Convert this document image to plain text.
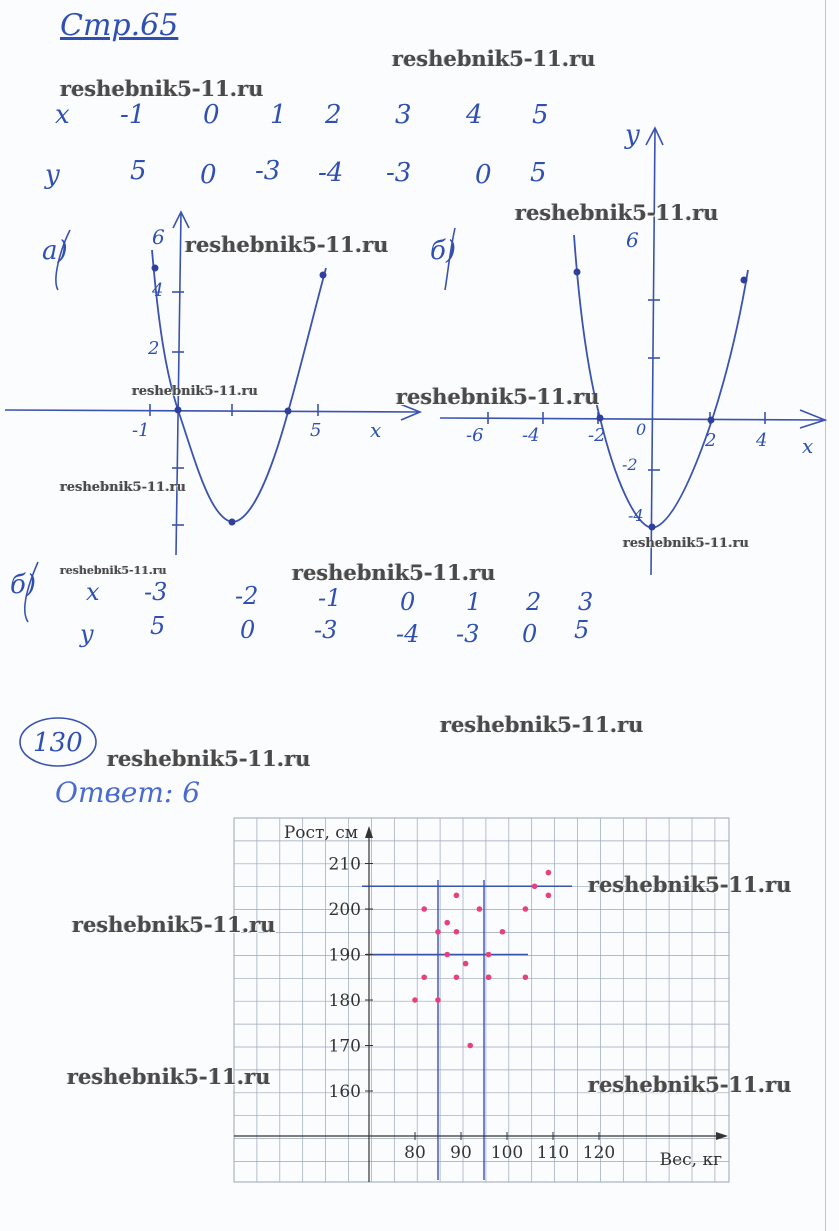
Стр.65
x -1 0 1 2 3 4 5
y	5 0 -3 -4 -3 0 5
a)	6
4
2
-1	5 x
б)
y
6
-6 -4	-2 0
2 4
-2
-4
x
б) x -3	-2 -1 0 1 2 3
y 5	0 -3 -4 -3 0 5
130
Ответ: 6
160
170
180
190
200
210
80 90 100 110 120	Вес, кг
Рост, см
reshebnik5-11.ru
reshebnik5-11.ru
reshebnik5-11.ru
reshebnik5-11.ru
reshebnik5-11.ru	reshebnik5-11.ru
reshebnik5-11.ru
reshebnik5-11.ru
reshebnik5-11.ru	reshebnik5-11.ru
reshebnik5-11.ru
reshebnik5-11.ru
reshebnik5-11.ru
reshebnik5-11.ru
reshebnik5-11.ru	reshebnik5-11.ru
